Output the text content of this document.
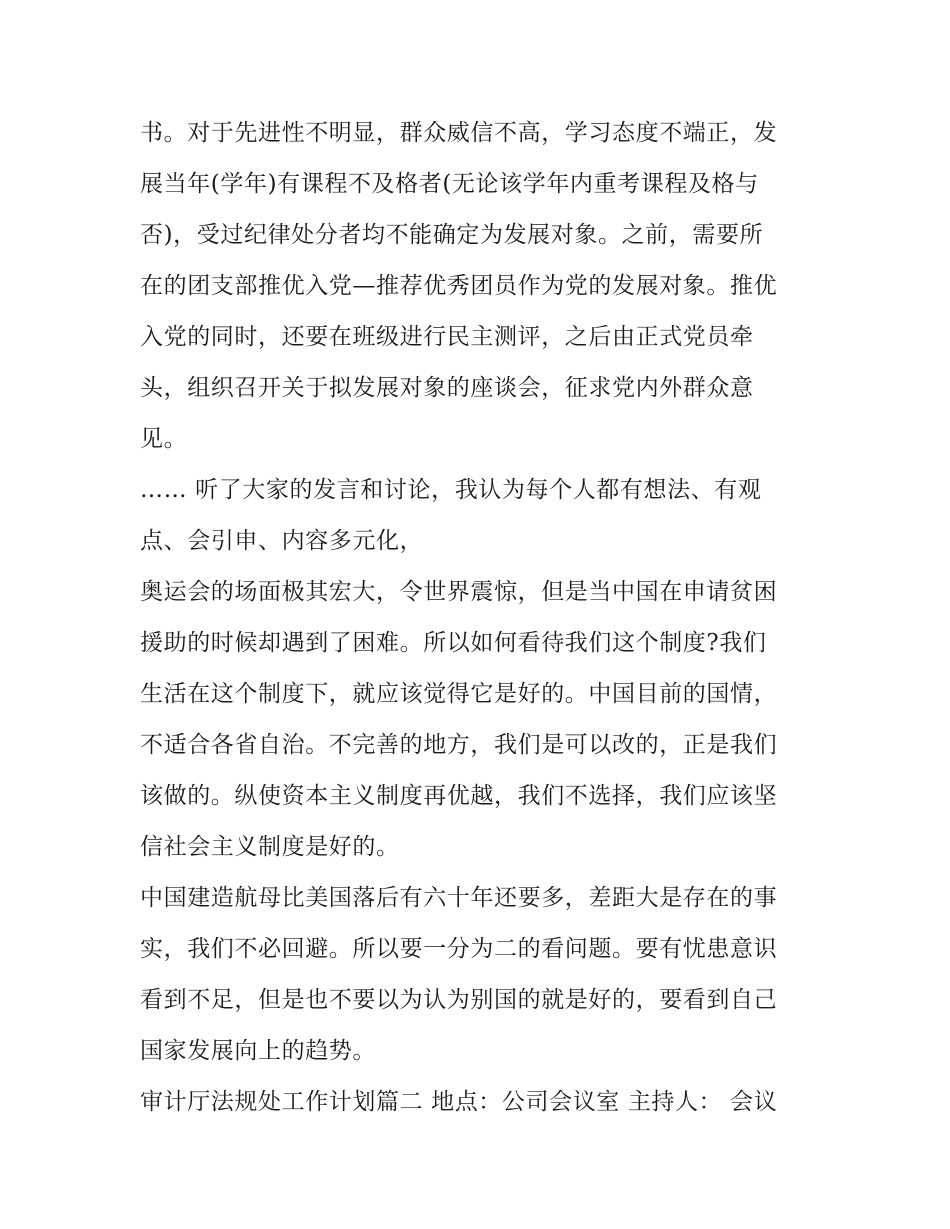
书。对于先进性不明显，群众威信不高，学习态度不端正，发
展当年(学年)有课程不及格者(无论该学年内重考课程及格与
否)，受过纪律处分者均不能确定为发展对象。之前，需要所
在的团支部推优入党—推荐优秀团员作为党的发展对象。推优
入党的同时，还要在班级进行民主测评，之后由正式党员牵
头，组织召开关于拟发展对象的座谈会，征求党内外群众意
见。
…… 听了大家的发言和讨论，我认为每个人都有想法、有观
点、会引申、内容多元化，
奥运会的场面极其宏大，令世界震惊，但是当中国在申请贫困
援助的时候却遇到了困难。所以如何看待我们这个制度?我们
生活在这个制度下，就应该觉得它是好的。中国目前的国情，
不适合各省自治。不完善的地方，我们是可以改的，正是我们
该做的。纵使资本主义制度再优越，我们不选择，我们应该坚
信社会主义制度是好的。
中国建造航母比美国落后有六十年还要多，差距大是存在的事
实，我们不必回避。所以要一分为二的看问题。要有忧患意识
看到不足，但是也不要以为认为别国的就是好的，要看到自己
国家发展向上的趋势。
审计厅法规处工作计划篇二 地点：公司会议室 主持人： 会议
